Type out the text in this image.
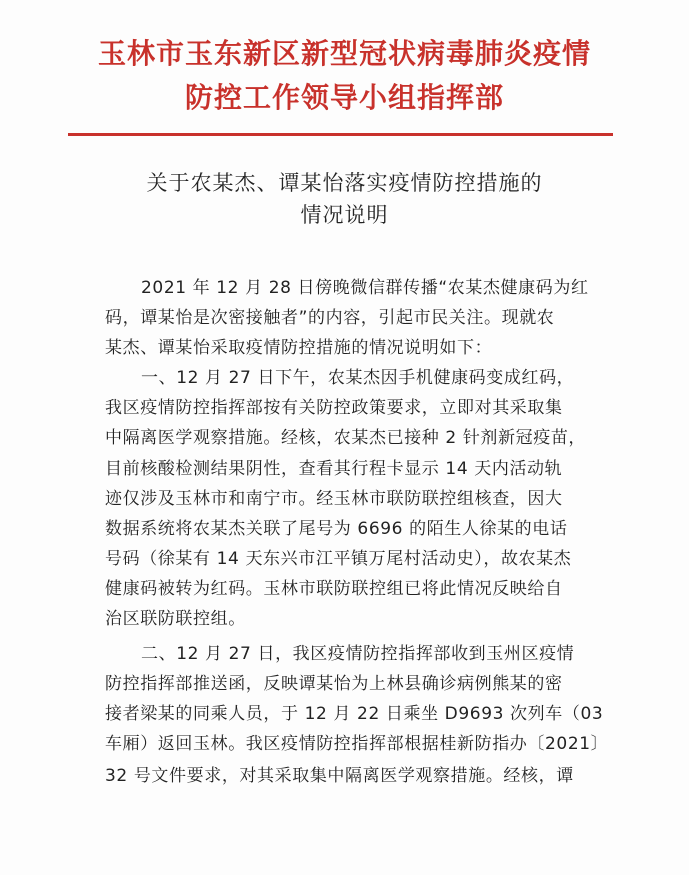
玉林市玉东新区新型冠状病毒肺炎疫情
防控工作领导小组指挥部
关于农某杰、谭某怡落实疫情防控措施的
情况说明
2021 年 12 月 28 日傍晚微信群传播“农某杰健康码为红
码，谭某怡是次密接触者”的内容，引起市民关注。现就农
某杰、谭某怡采取疫情防控措施的情况说明如下：
一、12 月 27 日下午，农某杰因手机健康码变成红码，
我区疫情防控指挥部按有关防控政策要求，立即对其采取集
中隔离医学观察措施。经核，农某杰已接种 2 针剂新冠疫苗，
目前核酸检测结果阴性，查看其行程卡显示 14 天内活动轨
迹仅涉及玉林市和南宁市。经玉林市联防联控组核查，因大
数据系统将农某杰关联了尾号为 6696 的陌生人徐某的电话
号码（徐某有 14 天东兴市江平镇万尾村活动史），故农某杰
健康码被转为红码。玉林市联防联控组已将此情况反映给自
治区联防联控组。
二、12 月 27 日，我区疫情防控指挥部收到玉州区疫情
防控指挥部推送函，反映谭某怡为上林县确诊病例熊某的密
接者梁某的同乘人员，于 12 月 22 日乘坐 D9693 次列车（03
车厢）返回玉林。我区疫情防控指挥部根据桂新防指办〔2021〕
32 号文件要求，对其采取集中隔离医学观察措施。经核，谭
